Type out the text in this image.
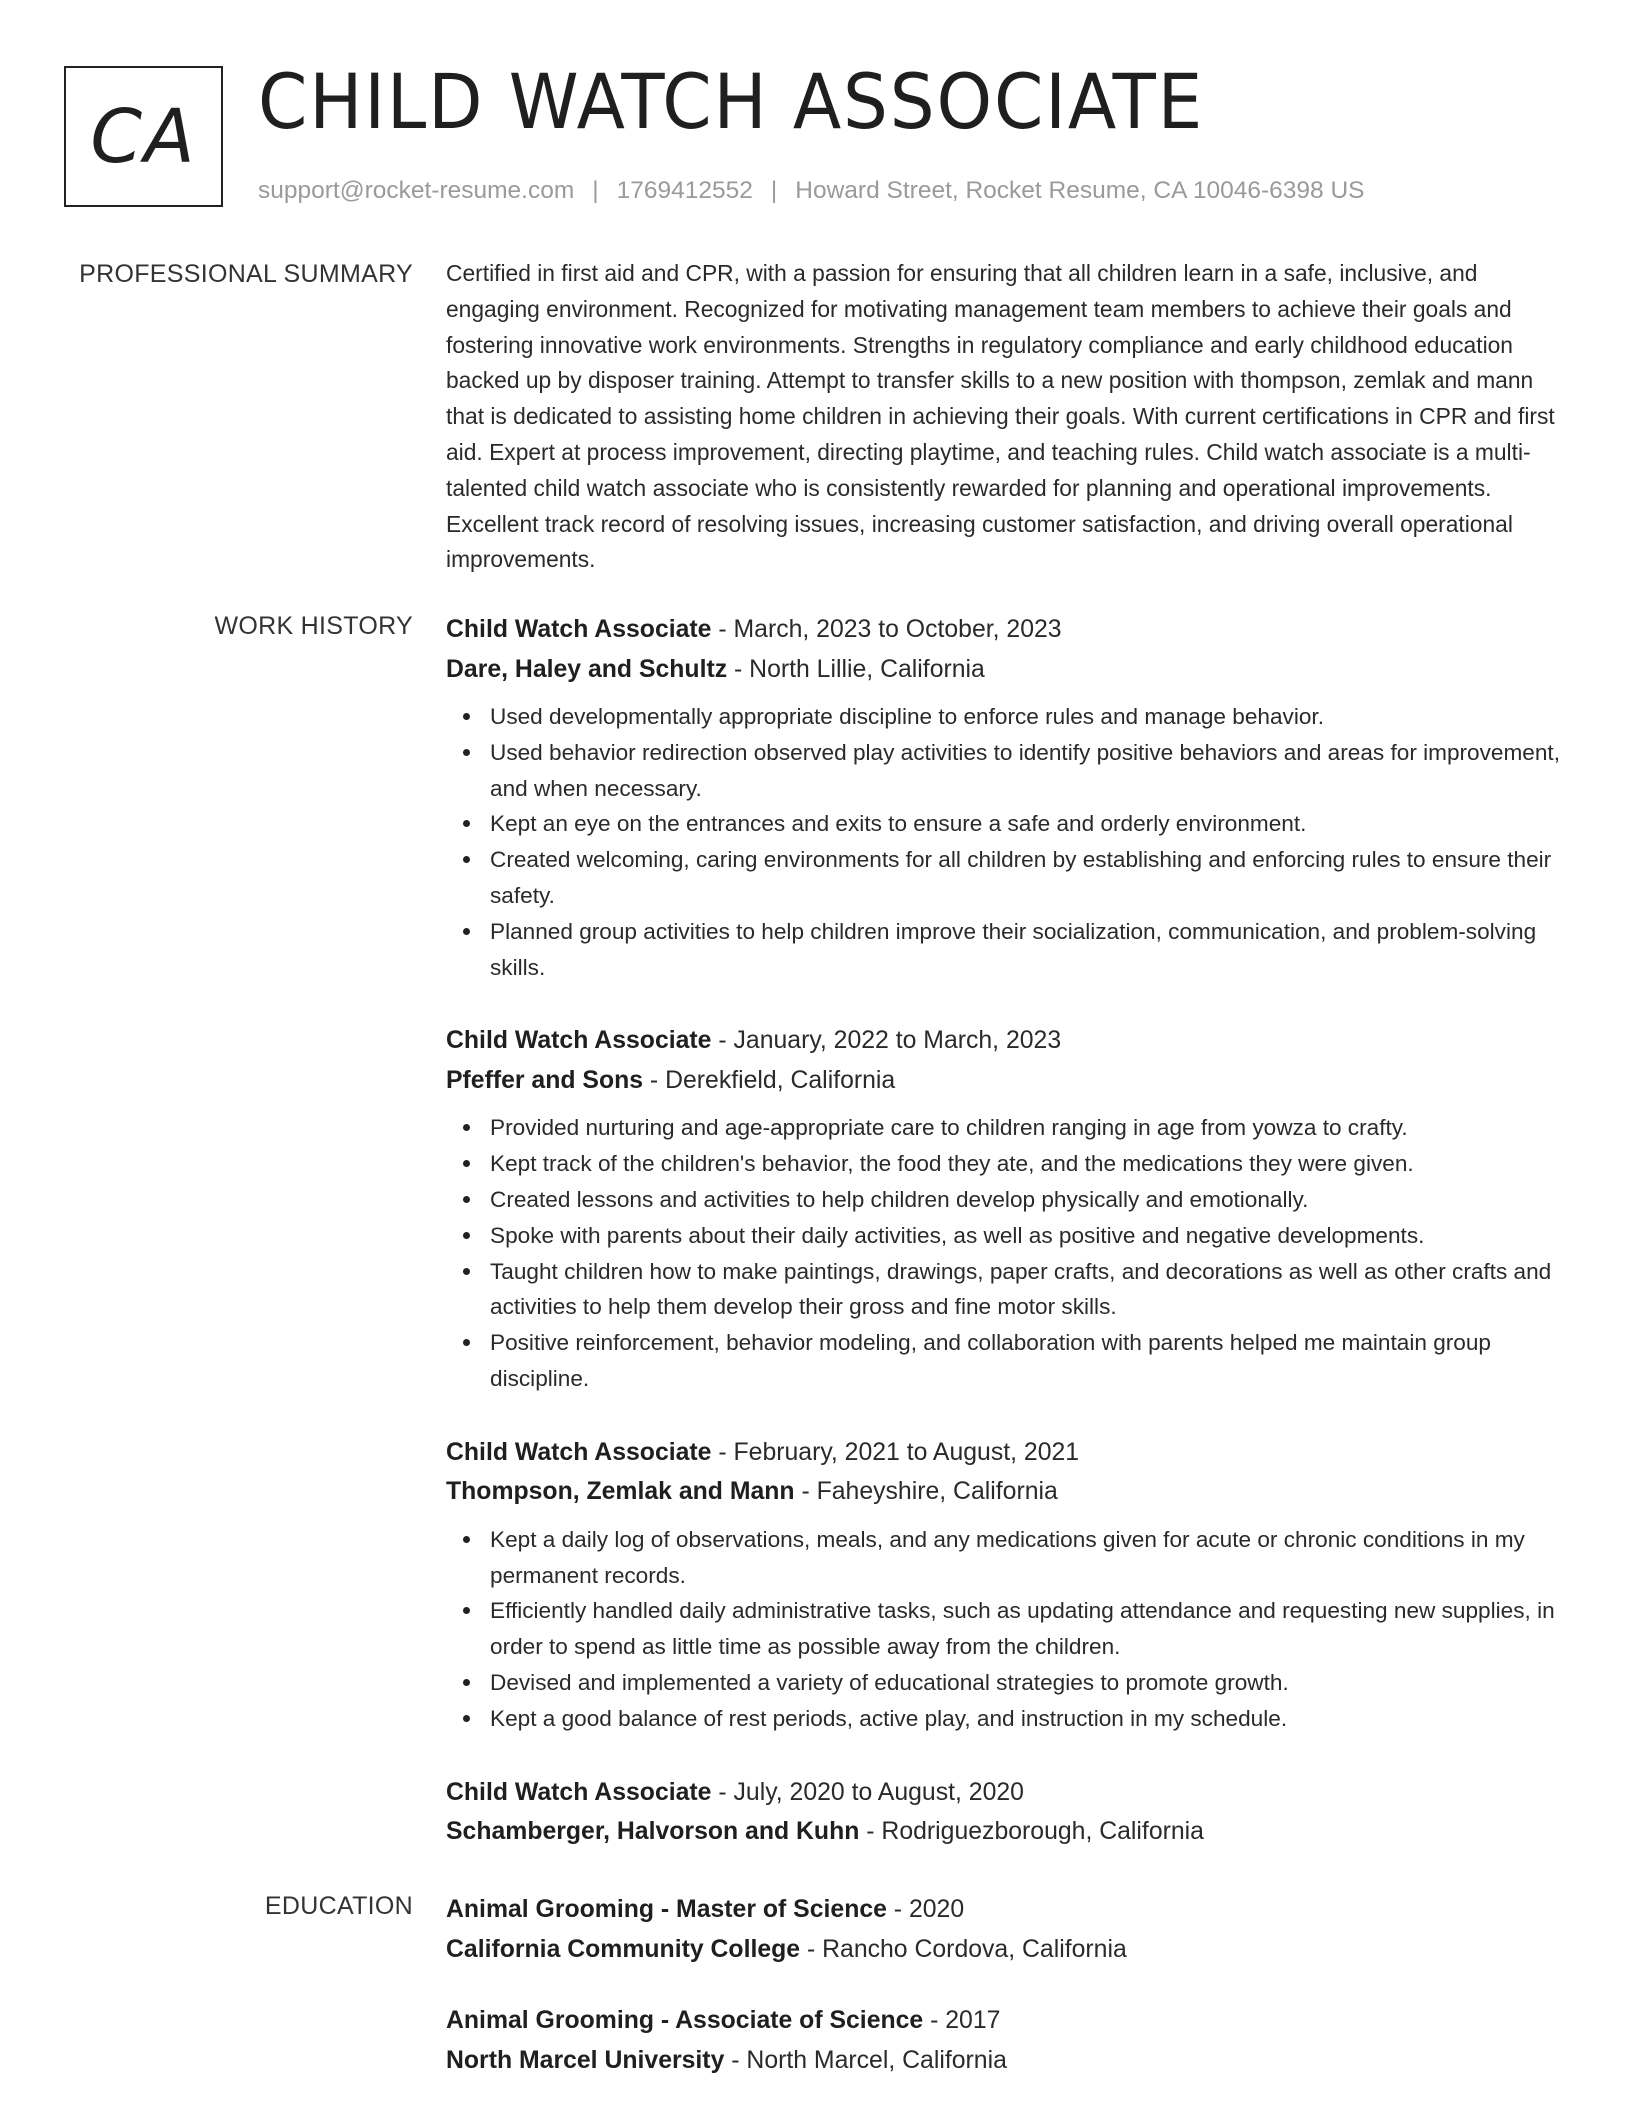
CA CHILD WATCH ASSOCIATE
support@rocket-resume.com | 1769412552 | Howard Street, Rocket Resume, CA 10046-6398 US
PROFESSIONAL SUMMARY Certified in first aid and CPR, with a passion for ensuring that all children learn in a safe, inclusive, and engaging environment. Recognized for motivating management team members to achieve their goals and fostering innovative work environments. Strengths in regulatory compliance and early childhood education backed up by disposer training. Attempt to transfer skills to a new position with thompson, zemlak and mann that is dedicated to assisting home children in achieving their goals. With current certifications in CPR and first aid. Expert at process improvement, directing playtime, and teaching rules. Child watch associate is a multi-talented child watch associate who is consistently rewarded for planning and operational improvements. Excellent track record of resolving issues, increasing customer satisfaction, and driving overall operational improvements.

WORK HISTORY Child Watch Associate - March, 2023 to October, 2023
Dare, Haley and Schultz - North Lillie, California
Used developmentally appropriate discipline to enforce rules and manage behavior.
Used behavior redirection observed play activities to identify positive behaviors and areas for improvement, and when necessary.
Kept an eye on the entrances and exits to ensure a safe and orderly environment.
Created welcoming, caring environments for all children by establishing and enforcing rules to ensure their safety.
Planned group activities to help children improve their socialization, communication, and problem-solving skills.
Child Watch Associate - January, 2022 to March, 2023
Pfeffer and Sons - Derekfield, California
Provided nurturing and age-appropriate care to children ranging in age from yowza to crafty.
Kept track of the children's behavior, the food they ate, and the medications they were given.
Created lessons and activities to help children develop physically and emotionally.
Spoke with parents about their daily activities, as well as positive and negative developments.
Taught children how to make paintings, drawings, paper crafts, and decorations as well as other crafts and activities to help them develop their gross and fine motor skills.
Positive reinforcement, behavior modeling, and collaboration with parents helped me maintain group discipline.
Child Watch Associate - February, 2021 to August, 2021
Thompson, Zemlak and Mann - Faheyshire, California
Kept a daily log of observations, meals, and any medications given for acute or chronic conditions in my permanent records.
Efficiently handled daily administrative tasks, such as updating attendance and requesting new supplies, in order to spend as little time as possible away from the children.
Devised and implemented a variety of educational strategies to promote growth.
Kept a good balance of rest periods, active play, and instruction in my schedule.
Child Watch Associate - July, 2020 to August, 2020
Schamberger, Halvorson and Kuhn - Rodriguezborough, California
EDUCATION Animal Grooming - Master of Science - 2020
California Community College - Rancho Cordova, California
Animal Grooming - Associate of Science - 2017
North Marcel University - North Marcel, California
